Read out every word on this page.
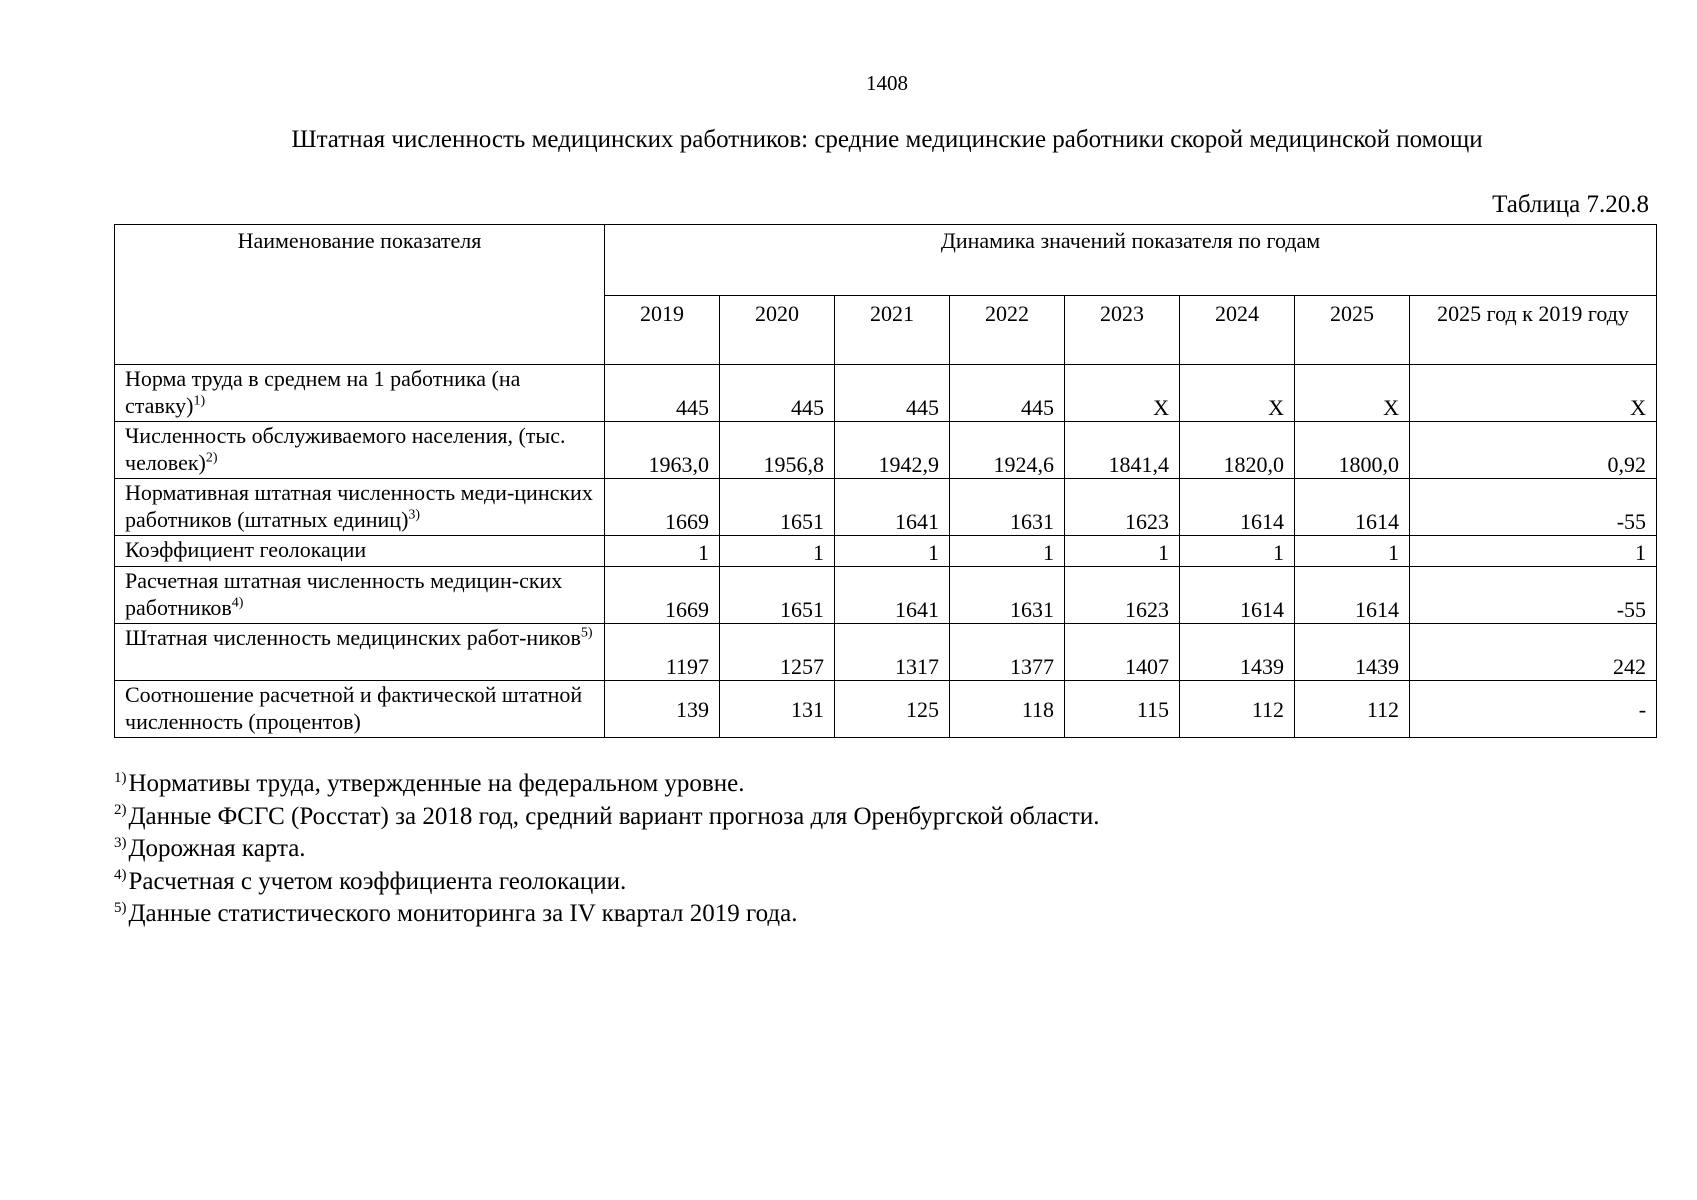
1408
Штатная численность медицинских работников: средние медицинские работники скорой медицинской помощи
Таблица 7.20.8
Наименование показателя	Динамика значений показателя по годам							
	2019	2020	2021	2022	2023	2024	2025	2025 год к 2019 году
Норма труда в среднем на 1 работника (на ставку)$^{1)}$	445	445	445	445	Х	Х	Х	Х
Численность обслуживаемого населения, (тыс. человек)$^{2)}$	1963,0	1956,8	1942,9	1924,6	1841,4	1820,0	1800,0	0,92
Нормативная штатная численность меди-цинских работников (штатных единиц)$^{3)}$	1669	1651	1641	1631	1623	1614	1614	-55
Коэффициент геолокации	1	1	1	1	1	1	1	1
Расчетная штатная численность медицин-ских работников$^{4)}$	1669	1651	1641	1631	1623	1614	1614	-55
Штатная численность медицинских работ-ников$^{5)}$	1197	1257	1317	1377	1407	1439	1439	242
Соотношение расчетной и фактической штатной численность (процентов)	139	131	125	118	115	112	112	-
$^{1)}$Нормативы труда, утвержденные на федеральном уровне.
$^{2)}$Данные ФСГС (Росстат) за 2018 год, средний вариант прогноза для Оренбургской области.
$^{3)}$Дорожная карта.
$^{4)}$Расчетная с учетом коэффициента геолокации.
$^{5)}$Данные статистического мониторинга за IV квартал 2019 года.
